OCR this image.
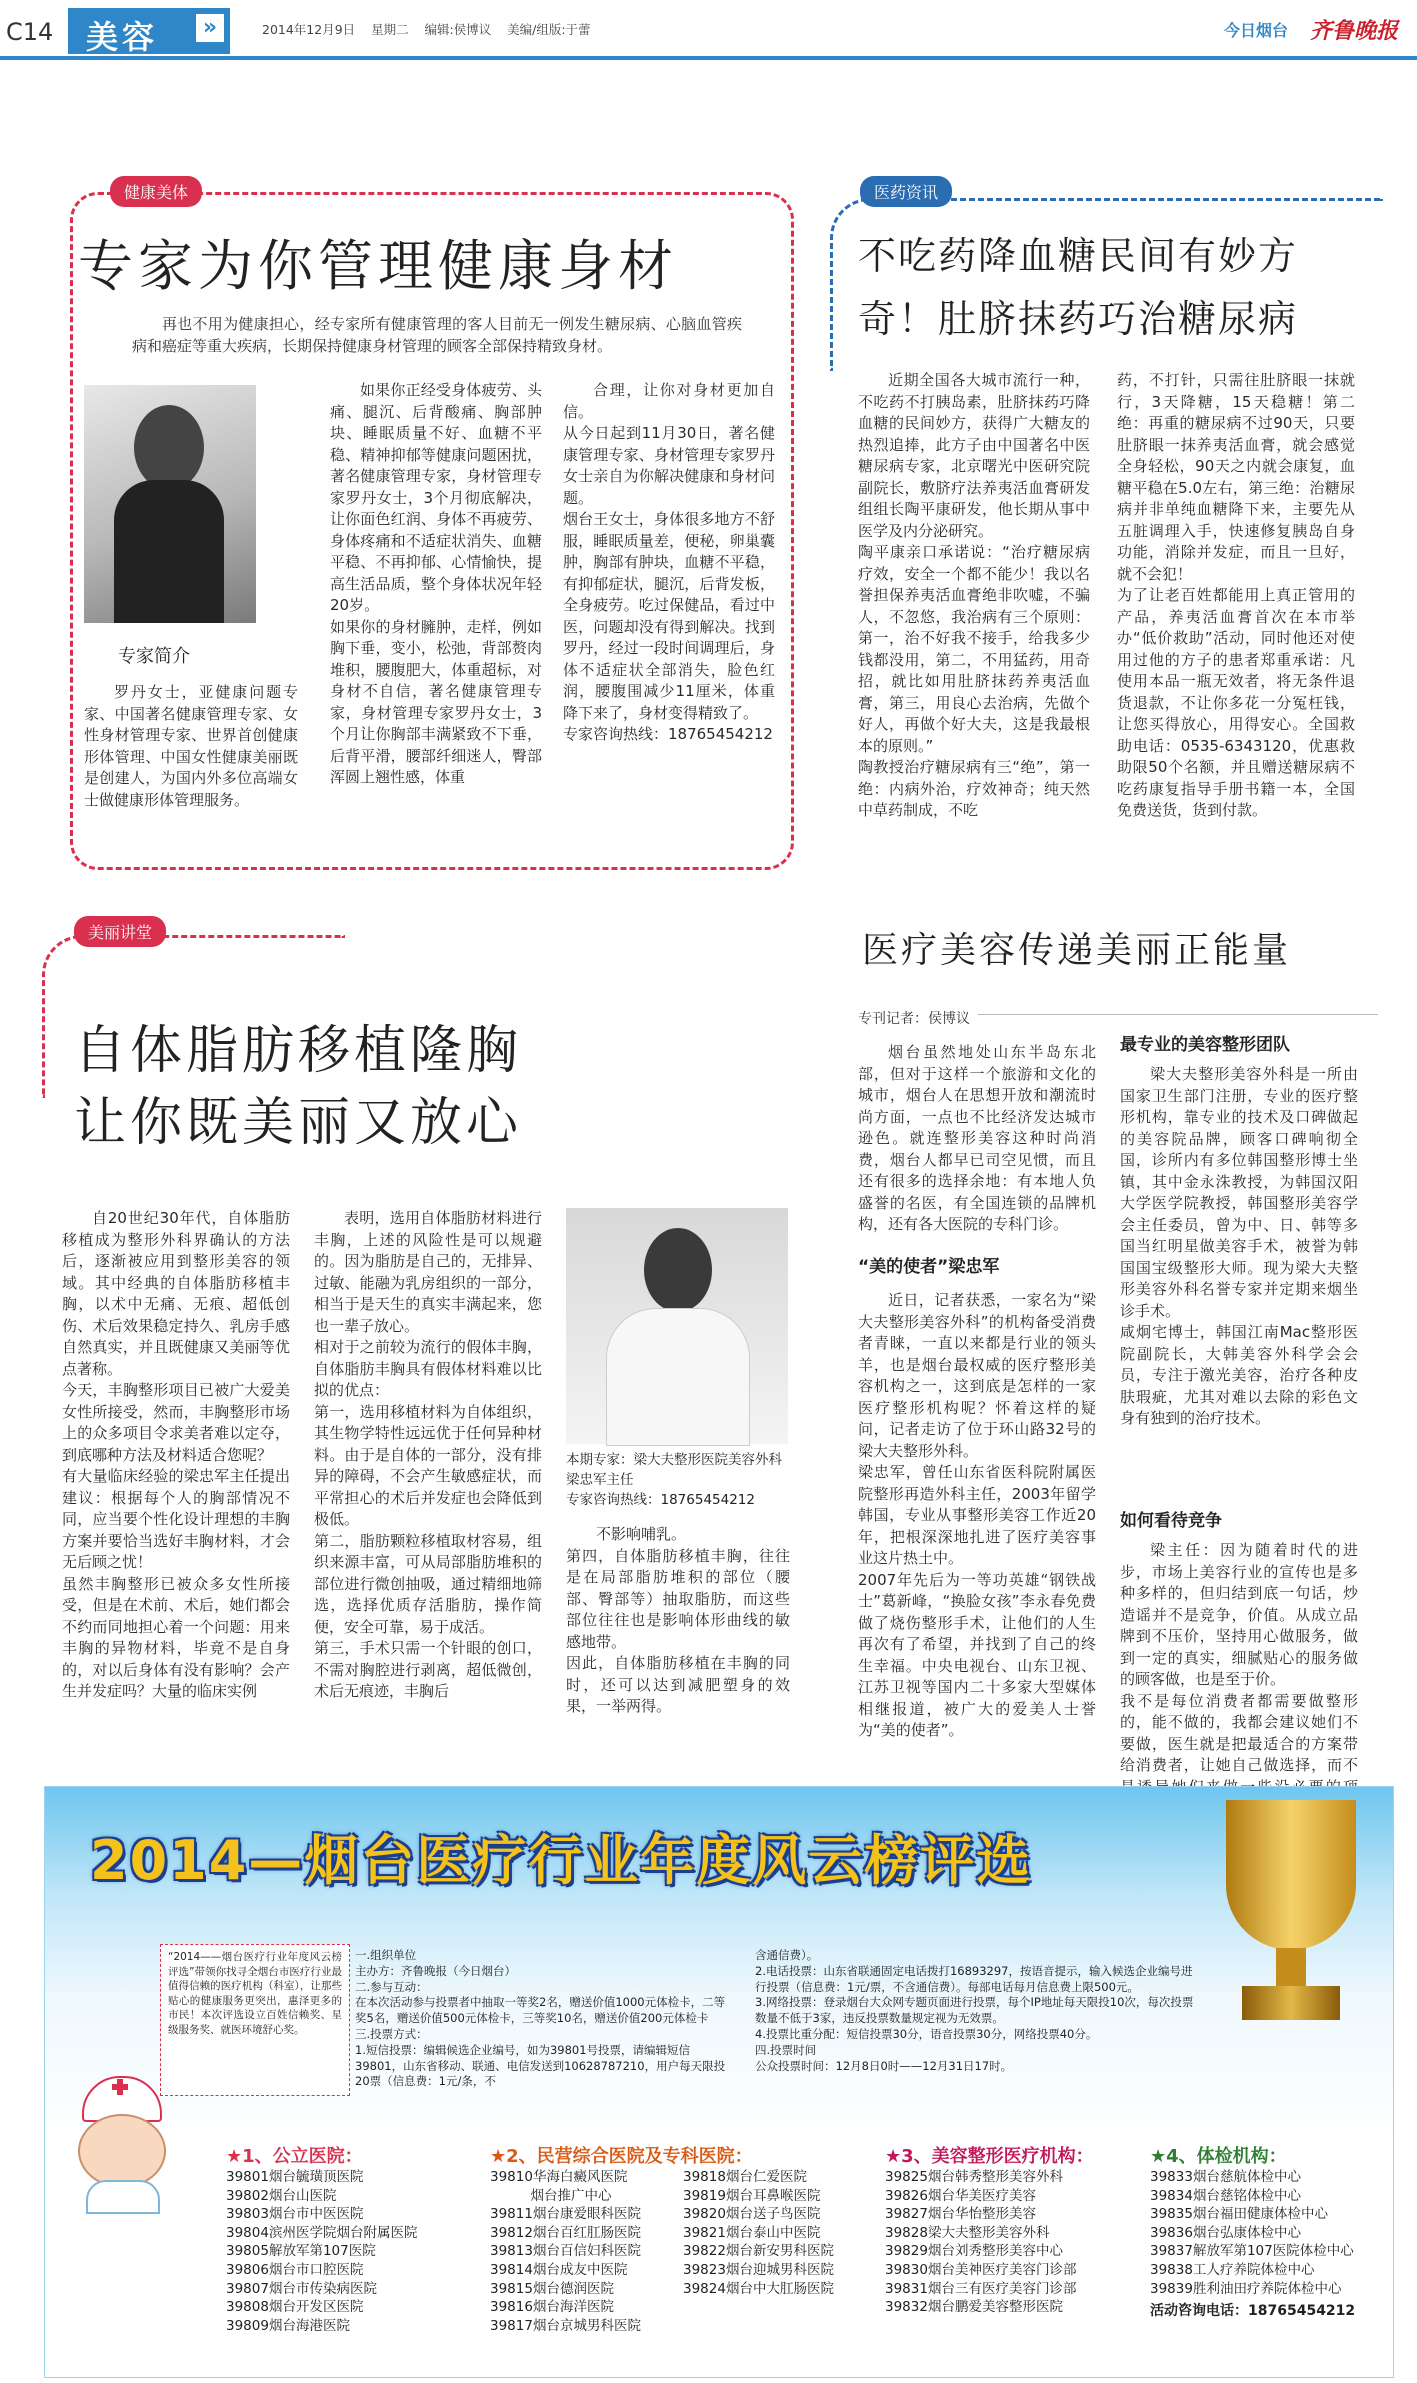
C14 美容	»	2014年12月9日 星期二 编辑:侯博议 美编/组版:于蕾	今日烟台 齐鲁晚报
健康美体
专家为你管理健康身材
再也不用为健康担心，经专家所有健康管理的客人目前无一例发生糖尿病、心脑血管疾病和癌症等重大疾病，长期保持健康身材管理的顾客全部保持精致身材。
专家简介
罗丹女士，亚健康问题专家、中国著名健康管理专家、女性身材管理专家、世界首创健康形体管理、中国女性健康美丽既是创建人，为国内外多位高端女士做健康形体管理服务。
如果你正经受身体疲劳、头痛、腿沉、后背酸痛、胸部肿块、睡眠质量不好、血糖不平稳、精神抑郁等健康问题困扰，著名健康管理专家，身材管理专家罗丹女士，3个月彻底解决，让你面色红润、身体不再疲劳、身体疼痛和不适症状消失、血糖平稳、不再抑郁、心情愉快，提高生活品质，整个身体状况年轻20岁。
如果你的身材臃肿，走样，例如胸下垂，变小，松弛，背部赘肉堆积，腰腹肥大，体重超标，对身材不自信，著名健康管理专家，身材管理专家罗丹女士，3个月让你胸部丰满紧致不下垂，后背平滑，腰部纤细迷人，臀部浑圆上翘性感，体重
合理，让你对身材更加自信。
从今日起到11月30日，著名健康管理专家、身材管理专家罗丹女士亲自为你解决健康和身材问题。
烟台王女士，身体很多地方不舒服，睡眠质量差，便秘，卵巢囊肿，胸部有肿块，血糖不平稳，有抑郁症状，腿沉，后背发板，全身疲劳。吃过保健品，看过中医，问题却没有得到解决。找到罗丹，经过一段时间调理后，身体不适症状全部消失，脸色红润，腰腹围减少11厘米，体重降下来了，身材变得精致了。
专家咨询热线：18765454212
医药资讯
不吃药降血糖民间有妙方
奇！肚脐抹药巧治糖尿病
近期全国各大城市流行一种，不吃药不打胰岛素，肚脐抹药巧降血糖的民间妙方，获得广大糖友的热烈追捧，此方子由中国著名中医糖尿病专家，北京曙光中医研究院副院长，敷脐疗法养夷活血膏研发组组长陶平康研发，他长期从事中医学及内分泌研究。
陶平康亲口承诺说：“治疗糖尿病疗效，安全一个都不能少！我以名誉担保养夷活血膏绝非吹嘘，不骗人，不忽悠，我治病有三个原则：第一，治不好我不接手，给我多少钱都没用，第二，不用猛药，用奇招，就比如用肚脐抹药养夷活血膏，第三，用良心去治病，先做个好人，再做个好大夫，这是我最根本的原则。”
陶教授治疗糖尿病有三“绝”，第一绝：内病外治，疗效神奇；纯天然中草药制成，不吃
药，不打针，只需往肚脐眼一抹就行，3天降糖，15天稳糖！第二绝：再重的糖尿病不过90天，只要肚脐眼一抹养夷活血膏，就会感觉全身轻松，90天之内就会康复，血糖平稳在5.0左右，第三绝：治糖尿病并非单纯血糖降下来，主要先从五脏调理入手，快速修复胰岛自身功能，消除并发症，而且一旦好，就不会犯！
为了让老百姓都能用上真正管用的产品，养夷活血膏首次在本市举办“低价救助”活动，同时他还对使用过他的方子的患者郑重承诺：凡使用本品一瓶无效者，将无条件退货退款，不让你多花一分冤枉钱，让您买得放心，用得安心。全国救助电话：0535-6343120，优惠救助限50个名额，并且赠送糖尿病不吃药康复指导手册书籍一本，全国免费送货，货到付款。
美丽讲堂
自体脂肪移植隆胸
让你既美丽又放心
自20世纪30年代，自体脂肪移植成为整形外科界确认的方法后，逐渐被应用到整形美容的领域。其中经典的自体脂肪移植丰胸，以术中无痛、无痕、超低创伤、术后效果稳定持久、乳房手感自然真实，并且既健康又美丽等优点著称。
今天，丰胸整形项目已被广大爱美女性所接受，然而，丰胸整形市场上的众多项目令求美者难以定夺，到底哪种方法及材料适合您呢？
有大量临床经验的梁忠军主任提出建议：根据每个人的胸部情况不同，应当要个性化设计理想的丰胸方案并要恰当选好丰胸材料，才会无后顾之忧！
虽然丰胸整形已被众多女性所接受，但是在术前、术后，她们都会不约而同地担心着一个问题：用来丰胸的异物材料，毕竟不是自身的，对以后身体有没有影响？会产生并发症吗？大量的临床实例
表明，选用自体脂肪材料进行丰胸，上述的风险性是可以规避的。因为脂肪是自己的，无排异、过敏、能融为乳房组织的一部分，相当于是天生的真实丰满起来，您也一辈子放心。
相对于之前较为流行的假体丰胸，自体脂肪丰胸具有假体材料难以比拟的优点：
第一，选用移植材料为自体组织，其生物学特性远远优于任何异种材料。由于是自体的一部分，没有排异的障碍，不会产生敏感症状，而平常担心的术后并发症也会降低到极低。
第二，脂肪颗粒移植取材容易，组织来源丰富，可从局部脂肪堆积的部位进行微创抽吸，通过精细地筛选，选择优质存活脂肪，操作简便，安全可靠，易于成活。
第三，手术只需一个针眼的创口，不需对胸腔进行剥离，超低微创，术后无痕迹，丰胸后
本期专家：梁大夫整形医院美容外科梁忠军主任
专家咨询热线：18765454212
不影响哺乳。
第四，自体脂肪移植丰胸，往往是在局部脂肪堆积的部位（腰部、臀部等）抽取脂肪，而这些部位往往也是影响体形曲线的敏感地带。
因此，自体脂肪移植在丰胸的同时，还可以达到减肥塑身的效果，一举两得。
医疗美容传递美丽正能量
专刊记者：侯博议
烟台虽然地处山东半岛东北部，但对于这样一个旅游和文化的城市，烟台人在思想开放和潮流时尚方面，一点也不比经济发达城市逊色。就连整形美容这种时尚消费，烟台人都早已司空见惯，而且还有很多的选择余地：有本地人负盛誉的名医，有全国连锁的品牌机构，还有各大医院的专科门诊。
“美的使者”梁忠军
近日，记者获悉，一家名为“梁大夫整形美容外科”的机构备受消费者青睐，一直以来都是行业的领头羊，也是烟台最权威的医疗整形美容机构之一，这到底是怎样的一家医疗整形机构呢？怀着这样的疑问，记者走访了位于环山路32号的梁大夫整形外科。
梁忠军，曾任山东省医科院附属医院整形再造外科主任，2003年留学韩国，专业从事整形美容工作近20年，把根深深地扎进了医疗美容事业这片热土中。
2007年先后为一等功英雄“钢铁战士”葛新峰，“换脸女孩”李永春免费做了烧伤整形手术，让他们的人生再次有了希望，并找到了自己的终生幸福。中央电视台、山东卫视、江苏卫视等国内二十多家大型媒体相继报道，被广大的爱美人士誉为“美的使者”。
最专业的美容整形团队
梁大夫整形美容外科是一所由国家卫生部门注册，专业的医疗整形机构，靠专业的技术及口碑做起的美容院品牌，顾客口碑响彻全国，诊所内有多位韩国整形博士坐镇，其中金永洙教授，为韩国汉阳大学医学院教授，韩国整形美容学会主任委员，曾为中、日、韩等多国当红明星做美容手术，被誉为韩国国宝级整形大师。现为梁大夫整形美容外科名誉专家并定期来烟坐诊手术。
咸炯宅博士，韩国江南Mac整形医院副院长，大韩美容外科学会会员，专注于激光美容，治疗各种皮肤瑕疵，尤其对难以去除的彩色文身有独到的治疗技术。
如何看待竞争
梁主任：因为随着时代的进步，市场上美容行业的宣传也是多种多样的，但归结到底一句话，炒造谣并不是竞争，价值。从成立品牌到不压价，坚持用心做服务，做到一定的真实，细腻贴心的服务做的顾客做，也是至于价。
我不是每位消费者都需要做整形的，能不做的，我都会建议她们不要做，医生就是把最适合的方案带给消费者，让她自己做选择，而不
2014—烟台医疗行业年度风云榜评选
“2014——烟台医疗行业年度风云榜评选”带领你找寻全烟台市医疗行业最值得信赖的医疗机构（科室），让那些贴心的健康服务更突出，惠泽更多的市民！本次评选设立百姓信赖奖、星级服务奖、就医环境舒心奖。
一.组织单位
主办方：齐鲁晚报（今日烟台）
二.参与互动：
在本次活动参与投票者中抽取一等奖2名，赠送价值1000元体检卡，二等奖5名，赠送价值500元体检卡，三等奖10名，赠送价值200元体检卡
三.投票方式：
1.短信投票：编辑候选企业编号，如为39801号投票，请编辑短信39801，山东省移动、联通、电信发送到10628787210，用户每天限投20票（信息费：1元/条，不
含通信费）。
2.电话投票：山东省联通固定电话拨打16893297，按语音提示，输入候选企业编号进行投票（信息费：1元/票，不含通信费）。每部电话每月信息费上限500元。
3.网络投票：登录烟台大众网专题页面进行投票，每个IP地址每天限投10次，每次投票数量不低于3家，违反投票数量规定视为无效票。
4.投票比重分配：短信投票30分，语音投票30分，网络投票40分。
四.投票时间
公众投票时间：12月8日0时——12月31日17时。
★1、公立医院：
39801烟台毓璜顶医院
39802烟台山医院
39803烟台市中医医院
39804滨州医学院烟台附属医院
39805解放军第107医院
39806烟台市口腔医院
39807烟台市传染病医院
39808烟台开发区医院
39809烟台海港医院
★2、民营综合医院及专科医院：
39810华海白癜风医院
　　　烟台推广中心
39811烟台康爱眼科医院
39812烟台百红肛肠医院
39813烟台百信妇科医院
39814烟台成友中医院
39815烟台德润医院
39816烟台海洋医院
39817烟台京城男科医院
39818烟台仁爱医院
39819烟台耳鼻喉医院
39820烟台送子鸟医院
39821烟台泰山中医院
39822烟台新安男科医院
39823烟台迎城男科医院
39824烟台中大肛肠医院
★3、美容整形医疗机构：
39825烟台韩秀整形美容外科
39826烟台华美医疗美容
39827烟台华怡整形美容
39828梁大夫整形美容外科
39829烟台刘秀整形美容中心
39830烟台美神医疗美容门诊部
39831烟台三有医疗美容门诊部
39832烟台鹏爱美容整形医院
★4、体检机构：
39833烟台慈航体检中心
39834烟台慈铭体检中心
39835烟台福田健康体检中心
39836烟台弘康体检中心
39837解放军第107医院体检中心
39838工人疗养院体检中心
39839胜利油田疗养院体检中心
活动咨询电话：18765454212
